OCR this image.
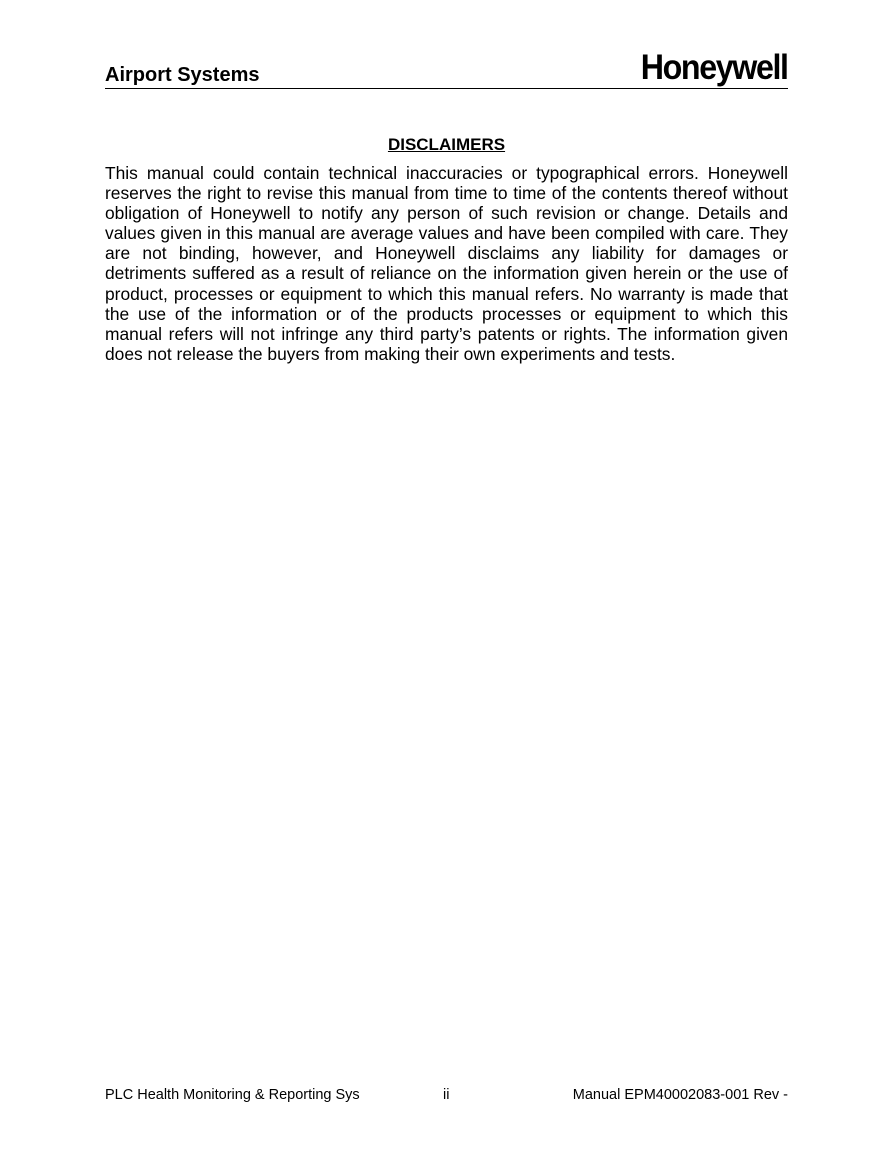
Airport Systems	Honeywell
DISCLAIMERS

This manual could contain technical inaccuracies or typographical errors. Honeywell reserves the right to revise this manual from time to time of the contents thereof without obligation of Honeywell to notify any person of such revision or change. Details and values given in this manual are average values and have been compiled with care. They are not binding, however, and Honeywell disclaims any liability for damages or detriments suffered as a result of reliance on the information given herein or the use of product, processes or equipment to which this manual refers. No warranty is made that the use of the information or of the products processes or equipment to which this manual refers will not infringe any third party’s patents or rights. The information given does not release the buyers from making their own experiments and tests.

PLC Health Monitoring & Reporting Sys	ii	Manual EPM40002083-001 Rev -
